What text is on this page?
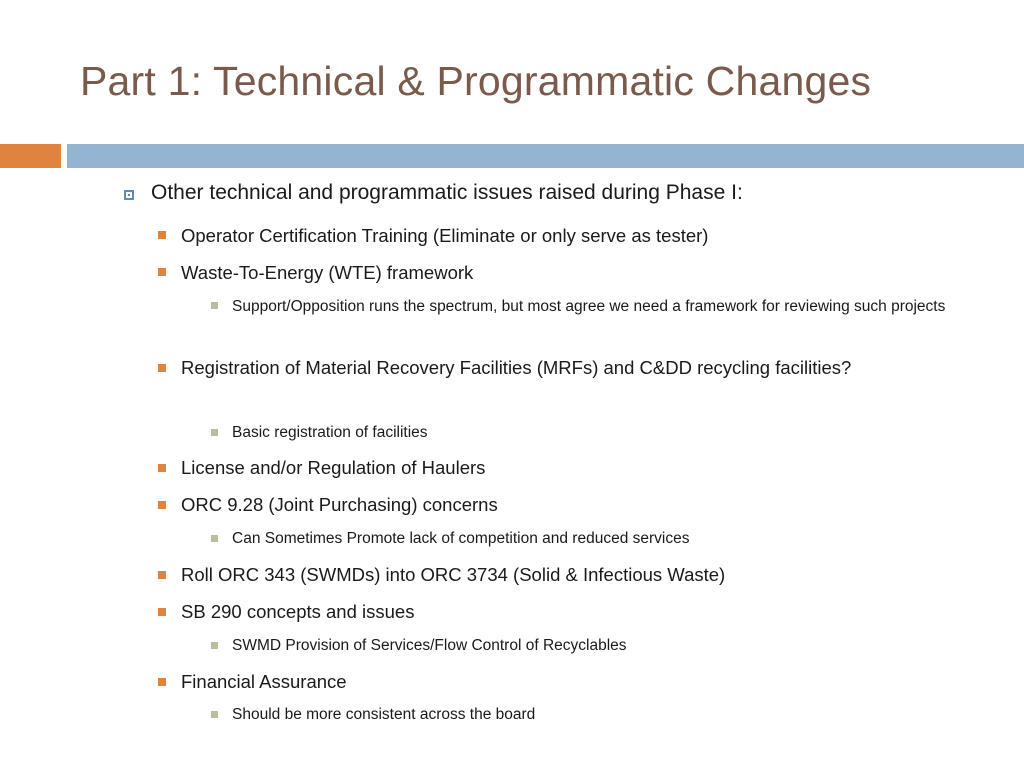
Part 1: Technical & Programmatic Changes
Other technical and programmatic issues raised during Phase I:
Operator Certification Training (Eliminate or only serve as tester)
Waste-To-Energy (WTE) framework
Support/Opposition runs the spectrum, but most agree we need a framework for reviewing such projects
Registration of Material Recovery Facilities (MRFs) and C&DD recycling facilities?
Basic registration of facilities
License and/or Regulation of Haulers
ORC 9.28 (Joint Purchasing) concerns
Can Sometimes Promote lack of competition and reduced services
Roll ORC 343 (SWMDs) into ORC 3734 (Solid & Infectious Waste)
SB 290 concepts and issues
SWMD Provision of Services/Flow Control of Recyclables
Financial Assurance
Should be more consistent across the board
